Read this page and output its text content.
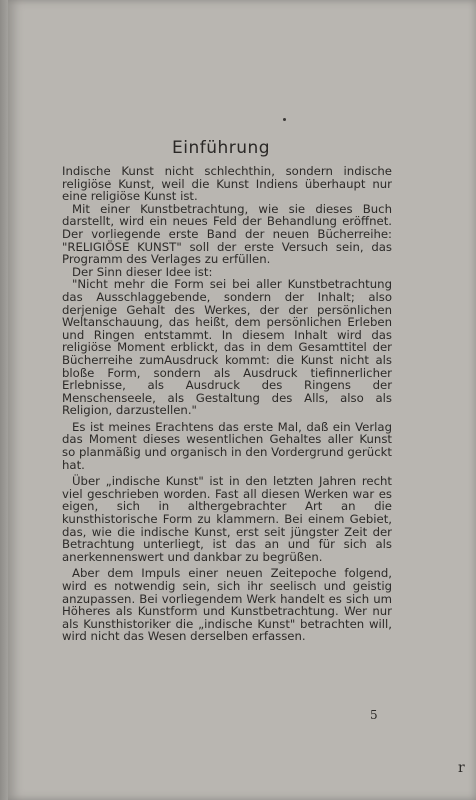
Einführung

Indische Kunst nicht schlechthin, sondern indische religiöse Kunst, weil die Kunst Indiens überhaupt nur eine religiöse Kunst ist.

Mit einer Kunstbetrachtung, wie sie dieses Buch darstellt, wird ein neues Feld der Behandlung eröffnet. Der vorliegende erste Band der neuen Bücherreihe: "RELIGIÖSE KUNST" soll der erste Versuch sein, das Programm des Verlages zu erfüllen.

Der Sinn dieser Idee ist:

"Nicht mehr die Form sei bei aller Kunstbetrachtung das Ausschlaggebende, sondern der Inhalt; also derjenige Gehalt des Werkes, der der persönlichen Weltanschauung, das heißt, dem persönlichen Erleben und Ringen entstammt. In diesem Inhalt wird das religiöse Moment erblickt, das in dem Gesamttitel der Bücherreihe zumAusdruck kommt: die Kunst nicht als bloße Form, sondern als Ausdruck tiefinnerlicher Erlebnisse, als Ausdruck des Ringens der Menschenseele, als Gestaltung des Alls, also als Religion, darzustellen."

Es ist meines Erachtens das erste Mal, daß ein Verlag das Moment dieses wesentlichen Gehaltes aller Kunst so planmäßig und organisch in den Vordergrund gerückt hat.

Über „indische Kunst" ist in den letzten Jahren recht viel geschrieben worden. Fast all diesen Werken war es eigen, sich in althergebrachter Art an die kunsthistorische Form zu klammern. Bei einem Gebiet, das, wie die indische Kunst, erst seit jüngster Zeit der Betrachtung unterliegt, ist das an und für sich als anerkennenswert und dankbar zu begrüßen.

Aber dem Impuls einer neuen Zeitepoche folgend, wird es notwendig sein, sich ihr seelisch und geistig anzupassen. Bei vorliegendem Werk handelt es sich um Höheres als Kunstform und Kunstbetrachtung. Wer nur als Kunsthistoriker die „indische Kunst" betrachten will, wird nicht das Wesen derselben erfassen.

5
r
